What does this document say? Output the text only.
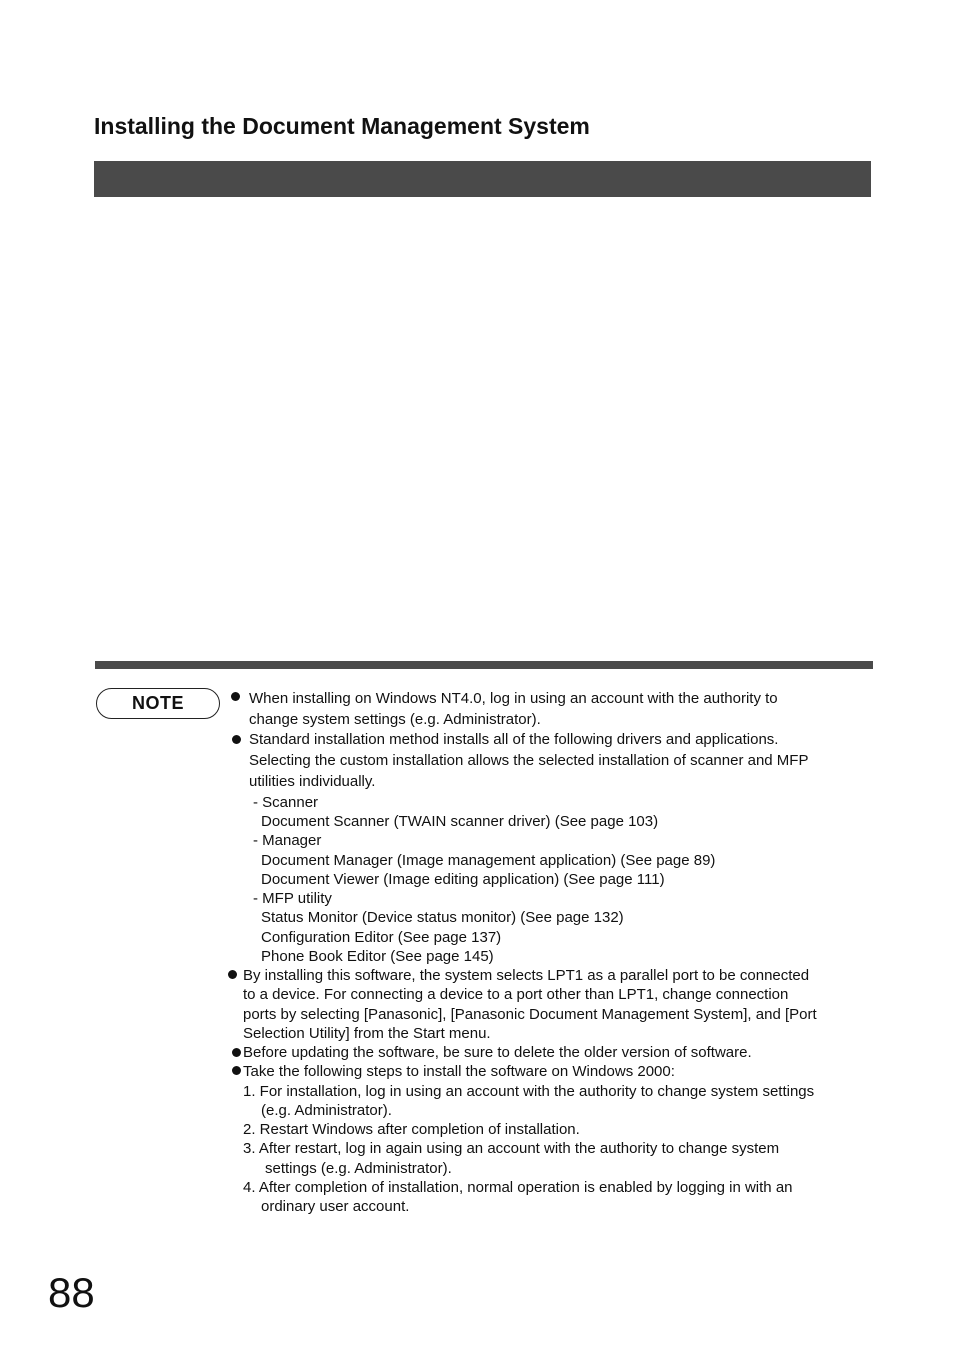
Installing the Document Management System
NOTE	When installing on Windows NT4.0, log in using an account with the authority to
change system settings (e.g. Administrator).
Standard installation method installs all of the following drivers and applications.
Selecting the custom installation allows the selected installation of scanner and MFP
utilities individually.
- Scanner
Document Scanner (TWAIN scanner driver) (See page 103)
- Manager
Document Manager (Image management application) (See page 89)
Document Viewer (Image editing application) (See page 111)
- MFP utility
Status Monitor (Device status monitor) (See page 132)
Configuration Editor (See page 137)
Phone Book Editor (See page 145)
By installing this software, the system selects LPT1 as a parallel port to be connected
to a device. For connecting a device to a port other than LPT1, change connection
ports by selecting [Panasonic], [Panasonic Document Management System], and [Port
Selection Utility] from the Start menu.
Before updating the software, be sure to delete the older version of software.
Take the following steps to install the software on Windows 2000:
1. For installation, log in using an account with the authority to change system settings
(e.g. Administrator).
2. Restart Windows after completion of installation.
3. After restart, log in again using an account with the authority to change system
settings (e.g. Administrator).
4. After completion of installation, normal operation is enabled by logging in with an
ordinary user account.
88
